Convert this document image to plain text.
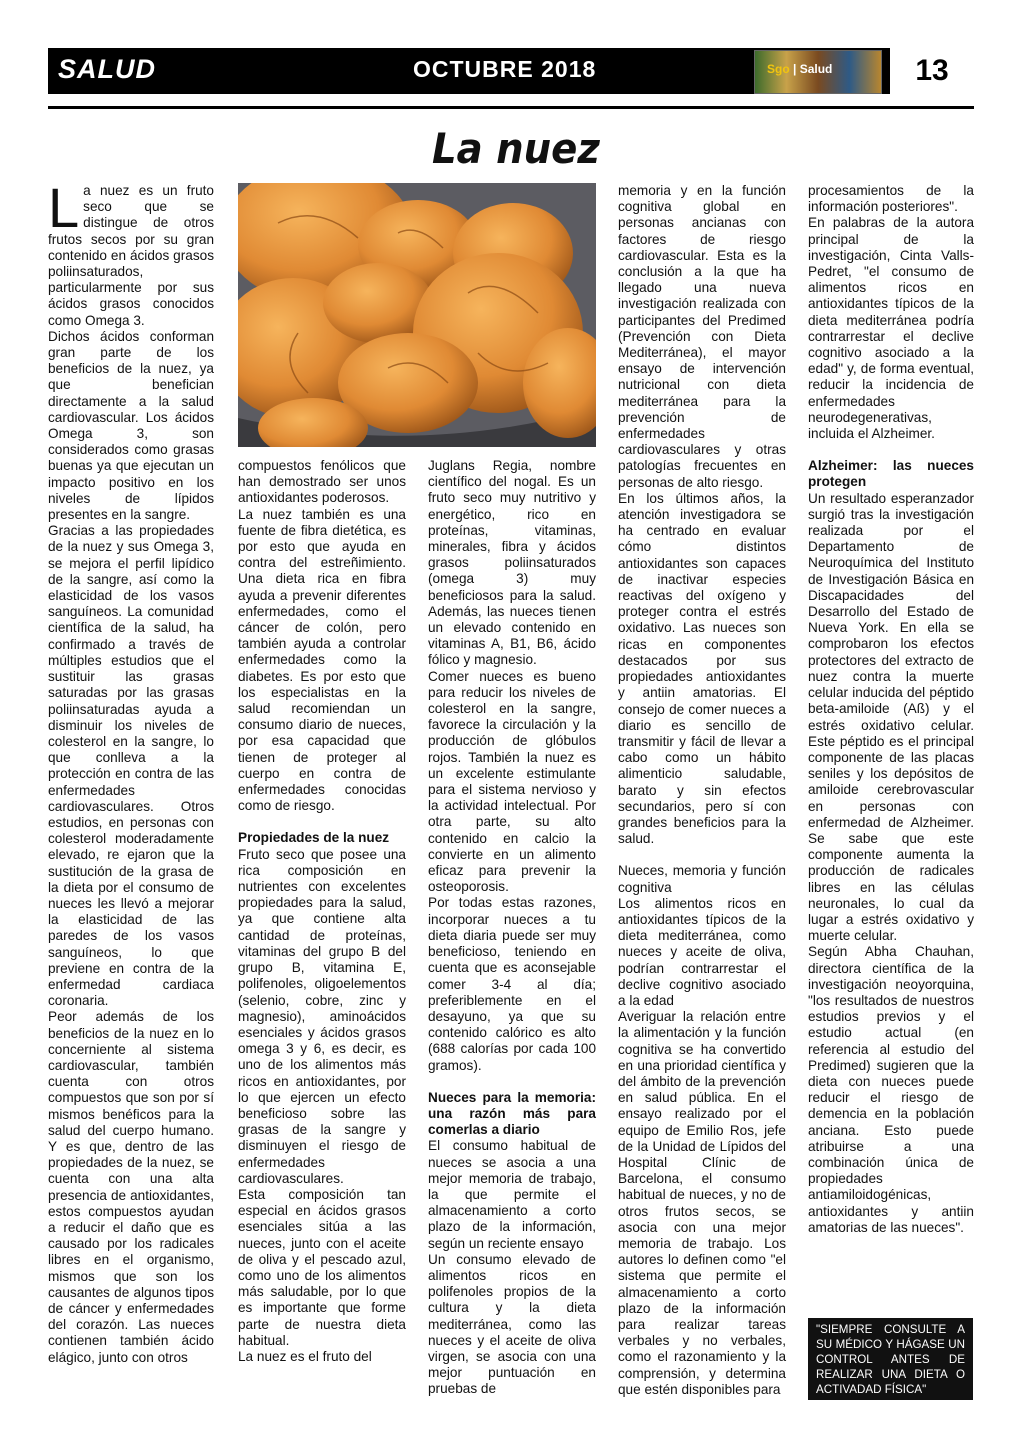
SALUD	OCTUBRE 2018	Sgo | Salud	13
La nuez

La nuez es un fruto seco que se distingue de otros frutos secos por su gran contenido en ácidos grasos poliinsaturados, particularmente por sus ácidos grasos conocidos como Omega 3.

Dichos ácidos conforman gran parte de los beneficios de la nuez, ya que benefician directamente a la salud cardiovascular. Los ácidos Omega 3, son considerados como grasas buenas ya que ejecutan un impacto positivo en los niveles de lípidos presentes en la sangre.

Gracias a las propiedades de la nuez y sus Omega 3, se mejora el perfil lipídico de la sangre, así como la elasticidad de los vasos sanguíneos. La comunidad científica de la salud, ha confirmado a través de múltiples estudios que el sustituir las grasas saturadas por las grasas poliinsaturadas ayuda a disminuir los niveles de colesterol en la sangre, lo que conlleva a la protección en contra de las enfermedades cardiovasculares. Otros estudios, en personas con colesterol moderadamente elevado, re ejaron que la sustitución de la grasa de la dieta por el consumo de nueces les llevó a mejorar la elasticidad de las paredes de los vasos sanguíneos, lo que previene en contra de la enfermedad cardiaca coronaria.

Peor además de los beneficios de la nuez en lo concerniente al sistema cardiovascular, también cuenta con otros compuestos que son por sí mismos benéficos para la salud del cuerpo humano. Y es que, dentro de las propiedades de la nuez, se cuenta con una alta presencia de antioxidantes, estos compuestos ayudan a reducir el daño que es causado por los radicales libres en el organismo, mismos que son los causantes de algunos tipos de cáncer y enfermedades del corazón. Las nueces contienen también ácido elágico, junto con otros

compuestos fenólicos que han demostrado ser unos antioxidantes poderosos.

La nuez también es una fuente de fibra dietética, es por esto que ayuda en contra del estreñimiento. Una dieta rica en fibra ayuda a prevenir diferentes enfermedades, como el cáncer de colón, pero también ayuda a controlar enfermedades como la diabetes. Es por esto que los especialistas en la salud recomiendan un consumo diario de nueces, por esa capacidad que tienen de proteger al cuerpo en contra de enfermedades conocidas como de riesgo.

Propiedades de la nuez

Fruto seco que posee una rica composición en nutrientes con excelentes propiedades para la salud, ya que contiene alta cantidad de proteínas, vitaminas del grupo B del grupo B, vitamina E, polifenoles, oligoelementos (selenio, cobre, zinc y magnesio), aminoácidos esenciales y ácidos grasos omega 3 y 6, es decir, es uno de los alimentos más ricos en antioxidantes, por lo que ejercen un efecto beneficioso sobre las grasas de la sangre y disminuyen el riesgo de enfermedades cardiovasculares.

Esta composición tan especial en ácidos grasos esenciales sitúa a las nueces, junto con el aceite de oliva y el pescado azul, como uno de los alimentos más saludable, por lo que es importante que forme parte de nuestra dieta habitual.

La nuez es el fruto del

Juglans Regia, nombre científico del nogal. Es un fruto seco muy nutritivo y energético, rico en proteínas, vitaminas, minerales, fibra y ácidos grasos poliinsaturados (omega 3) muy beneficiosos para la salud. Además, las nueces tienen un elevado contenido en vitaminas A, B1, B6, ácido fólico y magnesio.

Comer nueces es bueno para reducir los niveles de colesterol en la sangre, favorece la circulación y la producción de glóbulos rojos. También la nuez es un excelente estimulante para el sistema nervioso y la actividad intelectual. Por otra parte, su alto contenido en calcio la convierte en un alimento eficaz para prevenir la osteoporosis.

Por todas estas razones, incorporar nueces a tu dieta diaria puede ser muy beneficioso, teniendo en cuenta que es aconsejable comer 3-4 al día; preferiblemente en el desayuno, ya que su contenido calórico es alto (688 calorías por cada 100 gramos).

Nueces para la memoria: una razón más para comerlas a diario

El consumo habitual de nueces se asocia a una mejor memoria de trabajo, la que permite el almacenamiento a corto plazo de la información, según un reciente ensayo

Un consumo elevado de alimentos ricos en polifenoles propios de la cultura y la dieta mediterránea, como las nueces y el aceite de oliva virgen, se asocia con una mejor puntuación en pruebas de

memoria y en la función cognitiva global en personas ancianas con factores de riesgo cardiovascular. Esta es la conclusión a la que ha llegado una nueva investigación realizada con participantes del Predimed (Prevención con Dieta Mediterránea), el mayor ensayo de intervención nutricional con dieta mediterránea para la prevención de enfermedades cardiovasculares y otras patologías frecuentes en personas de alto riesgo.

En los últimos años, la atención investigadora se ha centrado en evaluar cómo distintos antioxidantes son capaces de inactivar especies reactivas del oxígeno y proteger contra el estrés oxidativo. Las nueces son ricas en componentes destacados por sus propiedades antioxidantes y antiin amatorias. El consejo de comer nueces a diario es sencillo de transmitir y fácil de llevar a cabo como un hábito alimenticio saludable, barato y sin efectos secundarios, pero sí con grandes beneficios para la salud.

Nueces, memoria y función cognitiva

Los alimentos ricos en antioxidantes típicos de la dieta mediterránea, como nueces y aceite de oliva, podrían contrarrestar el declive cognitivo asociado a la edad

Averiguar la relación entre la alimentación y la función cognitiva se ha convertido en una prioridad científica y del ámbito de la prevención en salud pública. En el ensayo realizado por el equipo de Emilio Ros, jefe de la Unidad de Lípidos del Hospital Clínic de Barcelona, el consumo habitual de nueces, y no de otros frutos secos, se asocia con una mejor memoria de trabajo. Los autores lo definen como "el sistema que permite el almacenamiento a corto plazo de la información para realizar tareas verbales y no verbales, como el razonamiento y la comprensión, y determina que estén disponibles para

procesamientos de la información posteriores".

En palabras de la autora principal de la investigación, Cinta Valls-Pedret, "el consumo de alimentos ricos en antioxidantes típicos de la dieta mediterránea podría contrarrestar el declive cognitivo asociado a la edad" y, de forma eventual, reducir la incidencia de enfermedades neurodegenerativas, incluida el Alzheimer.

Alzheimer: las nueces protegen

Un resultado esperanzador surgió tras la investigación realizada por el Departamento de Neuroquímica del Instituto de Investigación Básica en Discapacidades del Desarrollo del Estado de Nueva York. En ella se comprobaron los efectos protectores del extracto de nuez contra la muerte celular inducida del péptido beta-amiloide (Aß) y el estrés oxidativo celular. Este péptido es el principal componente de las placas seniles y los depósitos de amiloide cerebrovascular en personas con enfermedad de Alzheimer. Se sabe que este componente aumenta la producción de radicales libres en las células neuronales, lo cual da lugar a estrés oxidativo y muerte celular.

Según Abha Chauhan, directora científica de la investigación neoyorquina, "los resultados de nuestros estudios previos y el estudio actual (en referencia al estudio del Predimed) sugieren que la dieta con nueces puede reducir el riesgo de demencia en la población anciana. Esto puede atribuirse a una combinación única de propiedades antiamiloidogénicas, antioxidantes y antiin amatorias de las nueces".

"SIEMPRE CONSULTE A SU MÉDICO Y HÁGASE UN CONTROL ANTES DE REALIZAR UNA DIETA O ACTIVADAD FÍSICA"
